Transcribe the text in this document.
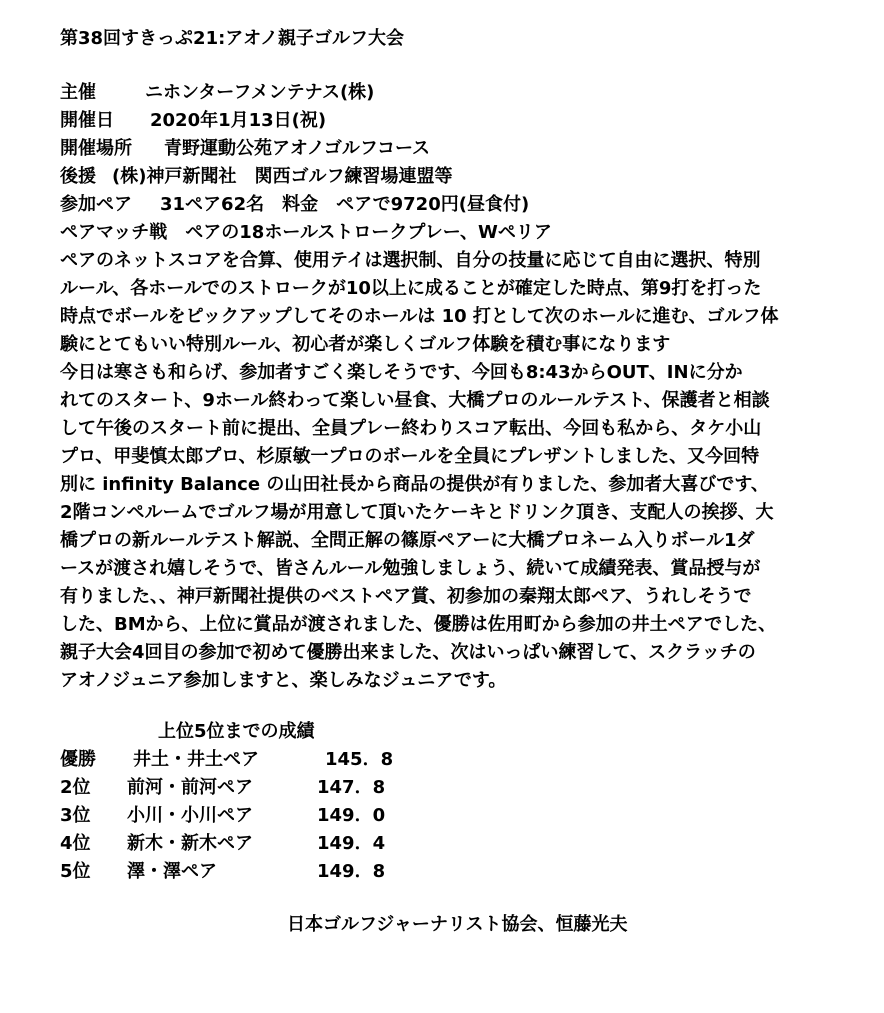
第38回すきっぷ21:アオノ親子ゴルフ大会
主催	ニホンターフメンテナス(株)
開催日 2020年1月13日(祝)
開催場所 青野運動公苑アオノゴルフコース
後援 (株)神戸新聞社　関西ゴルフ練習場連盟等
参加ペア 31ペア62名　料金　ペアで9720円(昼食付)
ペアマッチ戦　ペアの18ホールストロークプレー、Wペリア
ペアのネットスコアを合算、使用テイは選択制、自分の技量に応じて自由に選択、特別
ルール、各ホールでのストロークが10以上に成ることが確定した時点、第9打を打った
時点でボールをピックアップしてそのホールは 10 打として次のホールに進む、ゴルフ体
験にとてもいい特別ルール、初心者が楽しくゴルフ体験を積む事になります
今日は寒さも和らげ、参加者すごく楽しそうです、今回も8:43からOUT、INに分か
れてのスタート、9ホール終わって楽しい昼食、大橋プロのルールテスト、保護者と相談
して午後のスタート前に提出、全員プレー終わりスコア転出、今回も私から、タケ小山
プロ、甲斐慎太郎プロ、杉原敏一プロのボールを全員にプレザントしました、又今回特
別に infinity Balance の山田社長から商品の提供が有りました、参加者大喜びです、
2階コンペルームでゴルフ場が用意して頂いたケーキとドリンク頂き、支配人の挨拶、大
橋プロの新ルールテスト解説、全問正解の篠原ペアーに大橋プロネーム入りボール1ダ
ースが渡され嬉しそうで、皆さんルール勉強しましょう、続いて成績発表、賞品授与が
有りました、、神戸新聞社提供のベストペア賞、初参加の秦翔太郎ペア、うれしそうで
した、BMから、上位に賞品が渡されました、優勝は佐用町から参加の井土ペアでした、
親子大会4回目の参加で初めて優勝出来ました、次はいっぱい練習して、スクラッチの
アオノジュニア参加しますと、楽しみなジュニアです。
上位5位までの成績
優勝 井土・井土ペア	145．8
2位 前河・前河ペア	147．8
3位 小川・小川ペア	149．0
4位 新木・新木ペア	149．4
5位 澤・澤ペア	149．8
日本ゴルフジャーナリスト協会、恒藤光夫
